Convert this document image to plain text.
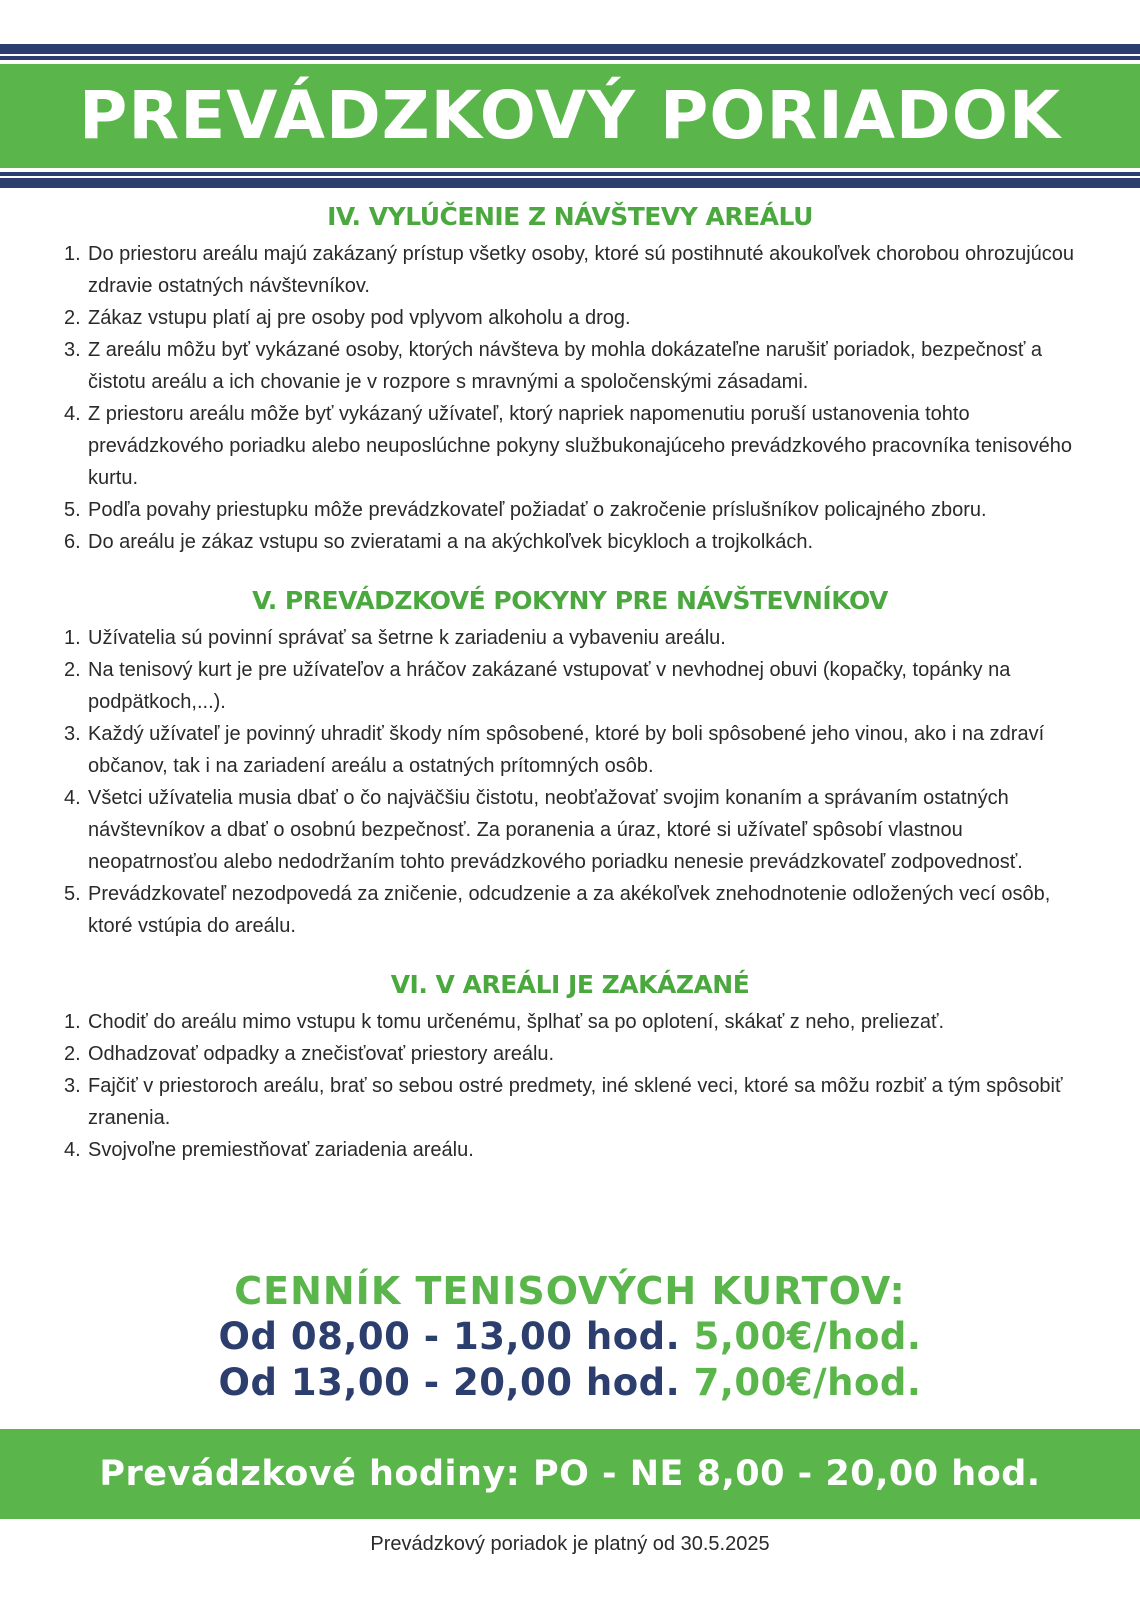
PREVÁDZKOVÝ PORIADOK
IV. VYLÚČENIE Z NÁVŠTEVY AREÁLU
1. Do priestoru areálu majú zakázaný prístup všetky osoby, ktoré sú postihnuté akoukoľvek chorobou ohrozujúcou zdravie ostatných návštevníkov.
2. Zákaz vstupu platí aj pre osoby pod vplyvom alkoholu a drog.
3. Z areálu môžu byť vykázané osoby, ktorých návšteva by mohla dokázateľne narušiť poriadok, bezpečnosť a čistotu areálu a ich chovanie je v rozpore s mravnými a spoločenskými zásadami.
4. Z priestoru areálu môže byť vykázaný užívateľ, ktorý napriek napomenutiu poruší ustanovenia tohto prevádzkového poriadku alebo neuposlúchne pokyny službukonajúceho prevádzkového pracovníka tenisového kurtu.
5. Podľa povahy priestupku môže prevádzkovateľ požiadať o zakročenie príslušníkov policajného zboru.
6. Do areálu je zákaz vstupu so zvieratami a na akýchkoľvek bicykloch a trojkolkách.
V. PREVÁDZKOVÉ POKYNY PRE NÁVŠTEVNÍKOV
1. Užívatelia sú povinní správať sa šetrne k zariadeniu a vybaveniu areálu.
2. Na tenisový kurt je pre užívateľov a hráčov zakázané vstupovať v nevhodnej obuvi (kopačky, topánky na podpätkoch,...).
3. Každý užívateľ je povinný uhradiť škody ním spôsobené, ktoré by boli spôsobené jeho vinou, ako i na zdraví občanov, tak i na zariadení areálu a ostatných prítomných osôb.
4. Všetci užívatelia musia dbať o čo najväčšiu čistotu, neobťažovať svojim konaním a správaním ostatných návštevníkov a dbať o osobnú bezpečnosť. Za poranenia a úraz, ktoré si užívateľ spôsobí vlastnou neopatrnosťou alebo nedodržaním tohto prevádzkového poriadku nenesie prevádzkovateľ zodpovednosť.
5. Prevádzkovateľ nezodpovedá za zničenie, odcudzenie a za akékoľvek znehodnotenie odložených vecí osôb, ktoré vstúpia do areálu.
VI. V AREÁLI JE ZAKÁZANÉ
1. Chodiť do areálu mimo vstupu k tomu určenému, šplhať sa po oplotení, skákať z neho, preliezať.
2. Odhadzovať odpadky a znečisťovať priestory areálu.
3. Fajčiť v priestoroch areálu, brať so sebou ostré predmety, iné sklené veci, ktoré sa môžu rozbiť a tým spôsobiť zranenia.
4. Svojvoľne premiestňovať zariadenia areálu.
CENNÍK TENISOVÝCH KURTOV:
Od 08,00 - 13,00 hod. 5,00€/hod.
Od 13,00 - 20,00 hod. 7,00€/hod.
Prevádzkové hodiny: PO - NE 8,00 - 20,00 hod.
Prevádzkový poriadok je platný od 30.5.2025
